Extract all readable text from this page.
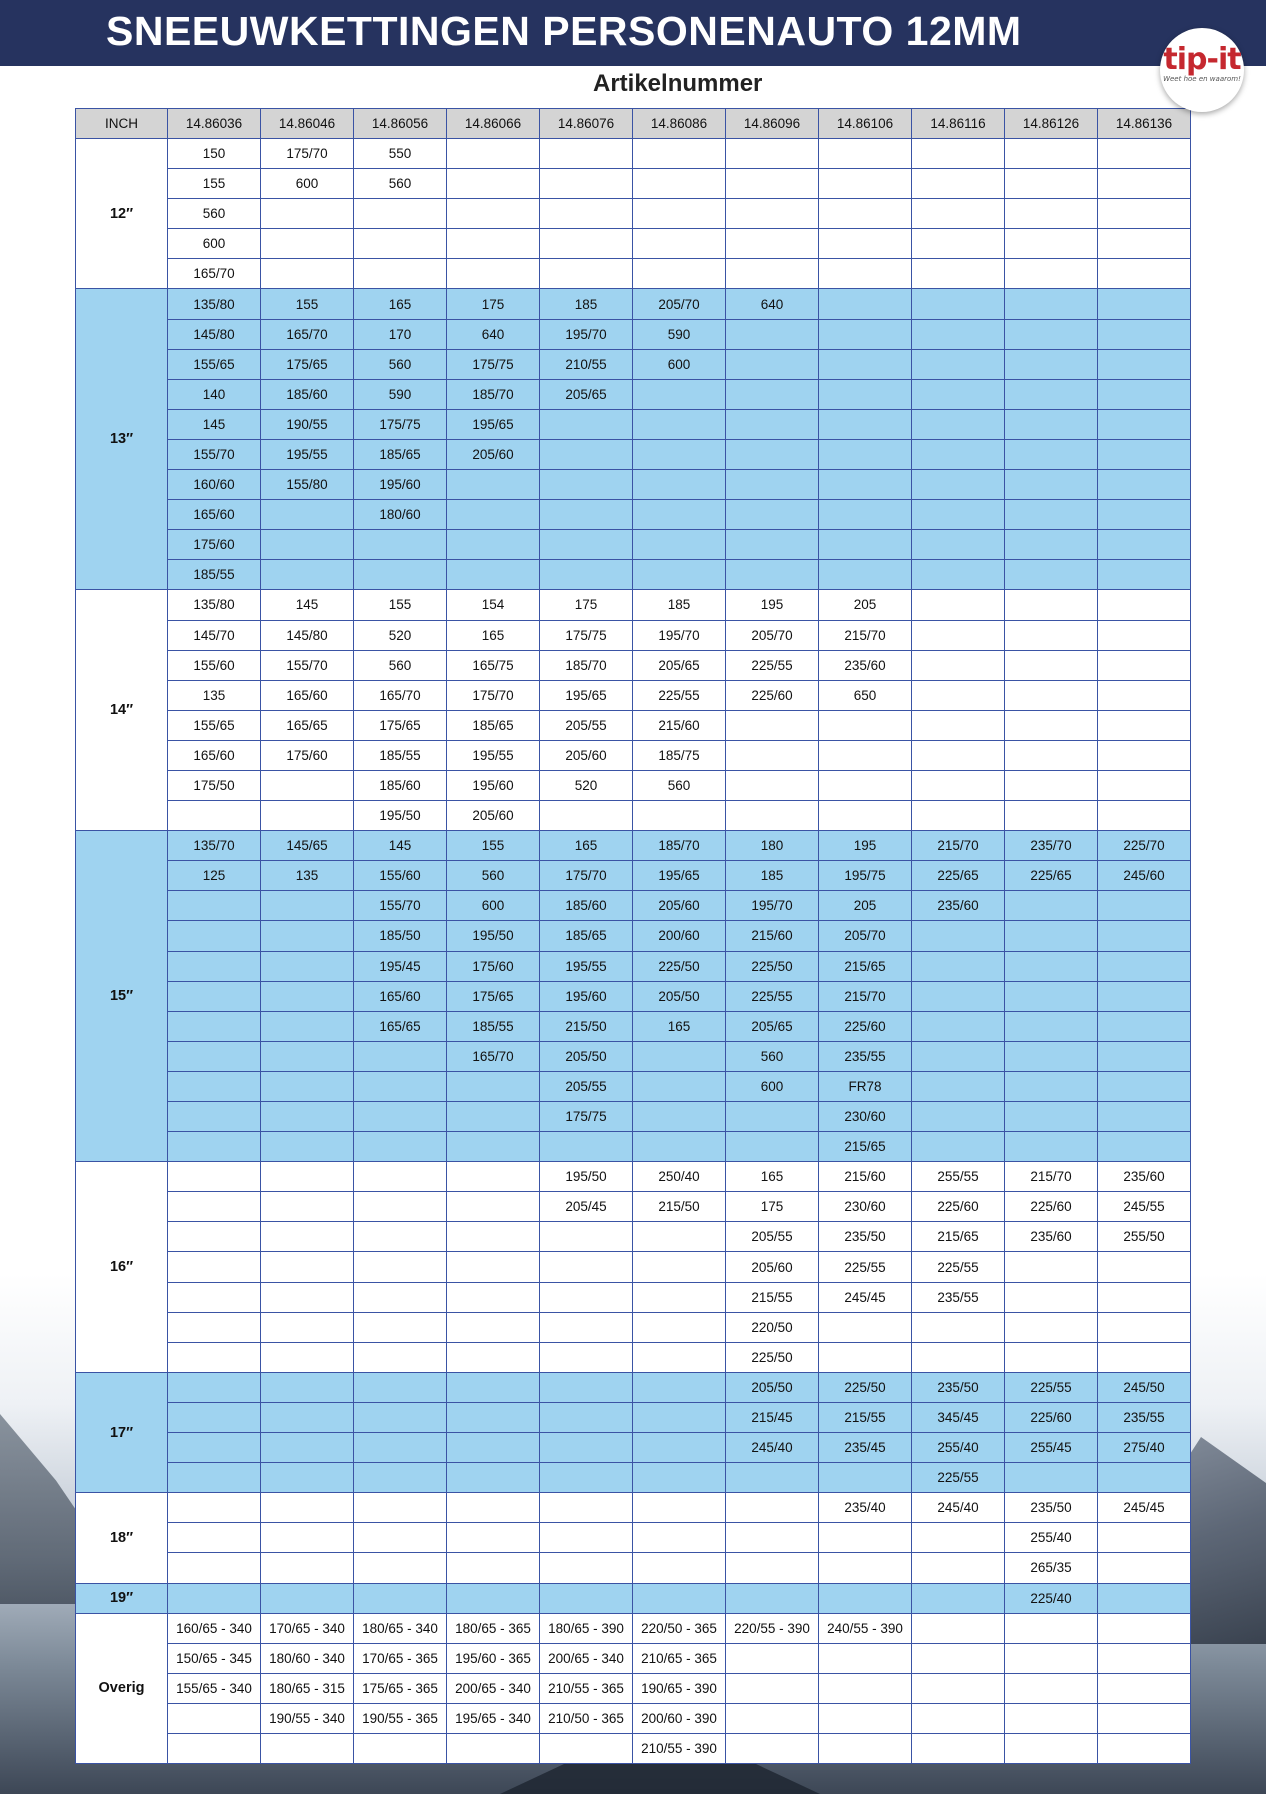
SNEEUWKETTINGEN PERSONENAUTO 12MM
tip-it
Weet hoe en waarom!
Artikelnummer
INCH	14.86036	14.86046	14.86056	14.86066	14.86076	14.86086	14.86096	14.86106	14.86116	14.86126	14.86136
12″	150	175/70	550								
	155	600	560								
	560										
	600										
	165/70										
13″	135/80	155	165	175	185	205/70	640				
	145/80	165/70	170	640	195/70	590					
	155/65	175/65	560	175/75	210/55	600					
	140	185/60	590	185/70	205/65						
	145	190/55	175/75	195/65							
	155/70	195/55	185/65	205/60							
	160/60	155/80	195/60								
	165/60		180/60								
	175/60										
	185/55										
14″	135/80	145	155	154	175	185	195	205			
	145/70	145/80	520	165	175/75	195/70	205/70	215/70			
	155/60	155/70	560	165/75	185/70	205/65	225/55	235/60			
	135	165/60	165/70	175/70	195/65	225/55	225/60	650			
	155/65	165/65	175/65	185/65	205/55	215/60					
	165/60	175/60	185/55	195/55	205/60	185/75					
	175/50		185/60	195/60	520	560					
			195/50	205/60							
15″	135/70	145/65	145	155	165	185/70	180	195	215/70	235/70	225/70
	125	135	155/60	560	175/70	195/65	185	195/75	225/65	225/65	245/60
			155/70	600	185/60	205/60	195/70	205	235/60		
			185/50	195/50	185/65	200/60	215/60	205/70			
			195/45	175/60	195/55	225/50	225/50	215/65			
			165/60	175/65	195/60	205/50	225/55	215/70			
			165/65	185/55	215/50	165	205/65	225/60			
				165/70	205/50		560	235/55			
					205/55		600	FR78			
					175/75			230/60			
								215/65			
16″					195/50	250/40	165	215/60	255/55	215/70	235/60
					205/45	215/50	175	230/60	225/60	225/60	245/55
							205/55	235/50	215/65	235/60	255/50
							205/60	225/55	225/55		
							215/55	245/45	235/55		
							220/50				
							225/50				
17″							205/50	225/50	235/50	225/55	245/50
							215/45	215/55	345/45	225/60	235/55
							245/40	235/45	255/40	255/45	275/40
									225/55		
18″								235/40	245/40	235/50	245/45
										255/40	
										265/35	
19″										225/40	
Overig	160/65 - 340	170/65 - 340	180/65 - 340	180/65 - 365	180/65 - 390	220/50 - 365	220/55 - 390	240/55 - 390			
	150/65 - 345	180/60 - 340	170/65 - 365	195/60 - 365	200/65 - 340	210/65 - 365					
	155/65 - 340	180/65 - 315	175/65 - 365	200/65 - 340	210/55 - 365	190/65 - 390					
		190/55 - 340	190/55 - 365	195/65 - 340	210/50 - 365	200/60 - 390					
						210/55 - 390					
